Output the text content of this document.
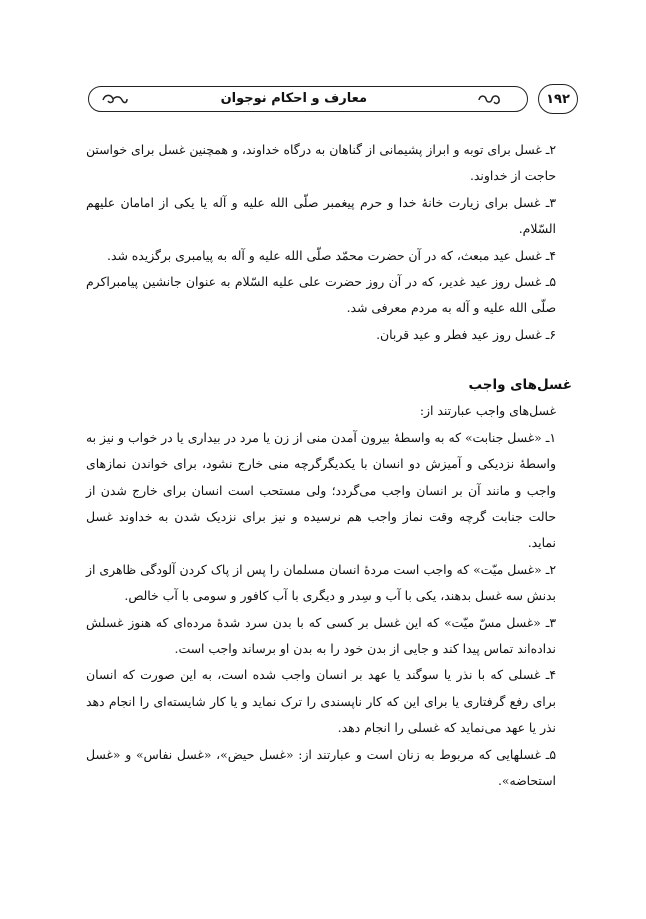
معارف و احکام نوجوان	۱۹۲

۲ـ غسل برای توبه و ابراز پشیمانی از گناهان به درگاه خداوند، و همچنین غسل برای خواستن حاجت از خداوند.

۳ـ غسل برای زیارت خانهٔ خدا و حرم پیغمبر صلّی الله علیه و آله یا یکی از امامان علیهم السّلام.

۴ـ غسل عید مبعث، که در آن حضرت محمّد صلّی الله علیه و آله به پیامبری برگزیده شد.

۵ـ غسل روز عید غدیر، که در آن روز حضرت علی علیه السّلام به عنوان جانشین پیامبراکرم صلّی الله علیه و آله به مردم معرفی شد.

۶ـ غسل روز عید فطر و عید قربان.

غسل‌های واجب

غسل‌های واجب عبارتند از:

۱ـ «غسل جنابت» که به واسطهٔ بیرون آمدن منی از زن یا مرد در بیداری یا در خواب و نیز به واسطهٔ نزدیکی و آمیزش دو انسان با یکدیگرگرچه منی خارج نشود، برای خواندن نمازهای واجب و مانند آن بر انسان واجب می‌گردد؛ ولی مستحب است انسان برای خارج شدن از حالت جنابت گرچه وقت نماز واجب هم نرسیده و نیز برای نزدیک شدن به خداوند غسل نماید.

۲ـ «غسل میّت» که واجب است مردهٔ انسان مسلمان را پس از پاک کردن آلودگی ظاهری از بدنش سه غسل بدهند، یکی با آب و سِدر و دیگری با آب کافور و سومی با آب خالص.

۳ـ «غسل مسّ میّت» که این غسل بر کسی که با بدن سرد شدهٔ مرده‌ای که هنوز غسلش نداده‌اند تماس پیدا کند و جایی از بدن خود را به بدن او برساند واجب است.

۴ـ غسلی که با نذر یا سوگند یا عهد بر انسان واجب شده است، به این صورت که انسان برای رفع گرفتاری یا برای این که کار ناپسندی را ترک نماید و یا کار شایسته‌ای را انجام دهد نذر یا عهد می‌نماید که غسلی را انجام دهد.

۵ـ غسلهایی که مربوط به زنان است و عبارتند از: «غسل حیض»، «غسل نفاس» و «غسل استحاضه».
